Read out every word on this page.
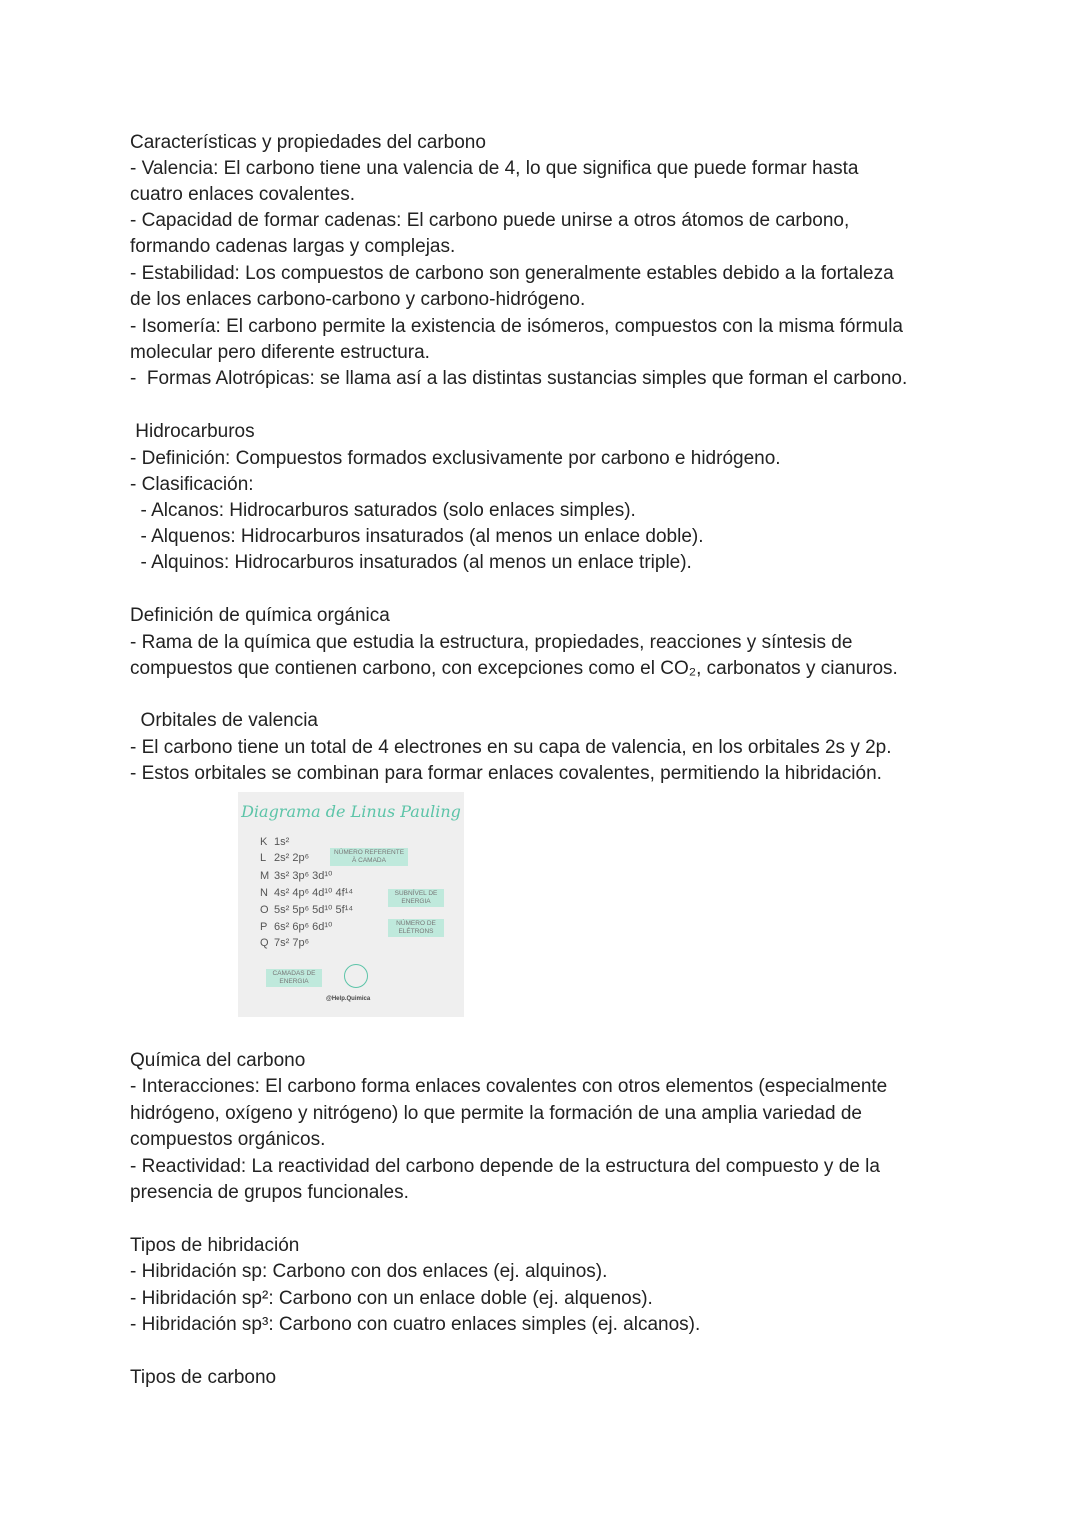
Características y propiedades del carbono
- Valencia: El carbono tiene una valencia de 4, lo que significa que puede formar hasta
cuatro enlaces covalentes.
- Capacidad de formar cadenas: El carbono puede unirse a otros átomos de carbono,
formando cadenas largas y complejas.
- Estabilidad: Los compuestos de carbono son generalmente estables debido a la fortaleza
de los enlaces carbono-carbono y carbono-hidrógeno.
- Isomería: El carbono permite la existencia de isómeros, compuestos con la misma fórmula
molecular pero diferente estructura.
-  Formas Alotrópicas: se llama así a las distintas sustancias simples que forman el carbono.
Hidrocarburos
- Definición: Compuestos formados exclusivamente por carbono e hidrógeno.
- Clasificación:
- Alcanos: Hidrocarburos saturados (solo enlaces simples).
- Alquenos: Hidrocarburos insaturados (al menos un enlace doble).
- Alquinos: Hidrocarburos insaturados (al menos un enlace triple).
Definición de química orgánica
- Rama de la química que estudia la estructura, propiedades, reacciones y síntesis de
compuestos que contienen carbono, con excepciones como el CO₂, carbonatos y cianuros.
Orbitales de valencia
- El carbono tiene un total de 4 electrones en su capa de valencia, en los orbitales 2s y 2p.
- Estos orbitales se combinan para formar enlaces covalentes, permitiendo la hibridación.
Química del carbono
- Interacciones: El carbono forma enlaces covalentes con otros elementos (especialmente
hidrógeno, oxígeno y nitrógeno) lo que permite la formación de una amplia variedad de
compuestos orgánicos.
- Reactividad: La reactividad del carbono depende de la estructura del compuesto y de la
presencia de grupos funcionales.
Tipos de hibridación
- Hibridación sp: Carbono con dos enlaces (ej. alquinos).
- Hibridación sp²: Carbono con un enlace doble (ej. alquenos).
- Hibridación sp³: Carbono con cuatro enlaces simples (ej. alcanos).
Tipos de carbono
Diagrama de Linus Pauling
K 1s²
L 2s² 2p⁶
M 3s² 3p⁶ 3d¹⁰
N 4s² 4p⁶ 4d¹⁰ 4f¹⁴
O 5s² 5p⁶ 5d¹⁰ 5f¹⁴
P 6s² 6p⁶ 6d¹⁰
Q 7s² 7p⁶
NÚMERO REFERENTE À CAMADA
SUBNÍVEL DE ENERGIA
NÚMERO DE ELÉTRONS
CAMADAS DE ENERGIA
@Help.Quimica
